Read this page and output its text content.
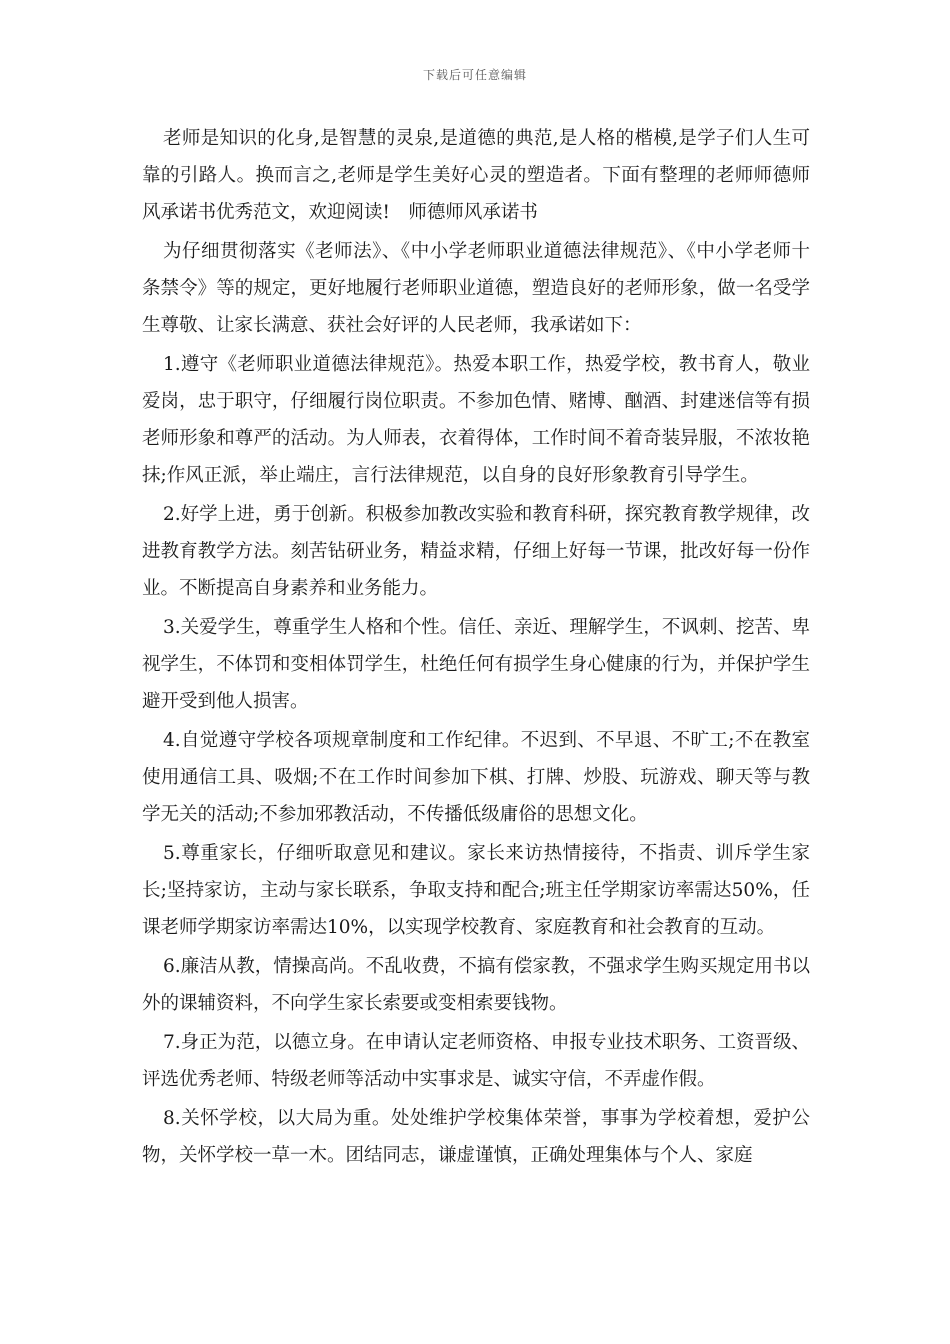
下载后可任意编辑

老师是知识的化身,是智慧的灵泉,是道德的典范,是人格的楷模,是学子们人生可靠的引路人。换而言之,老师是学生美好心灵的塑造者。下面有整理的老师师德师风承诺书优秀范文，欢迎阅读!　师德师风承诺书

为仔细贯彻落实《老师法》、《中小学老师职业道德法律规范》、《中小学老师十条禁令》等的规定，更好地履行老师职业道德，塑造良好的老师形象，做一名受学生尊敬、让家长满意、获社会好评的人民老师，我承诺如下：

1.遵守《老师职业道德法律规范》。热爱本职工作，热爱学校，教书育人，敬业爱岗，忠于职守，仔细履行岗位职责。不参加色情、赌博、酗酒、封建迷信等有损老师形象和尊严的活动。为人师表，衣着得体，工作时间不着奇装异服，不浓妆艳抹;作风正派，举止端庄，言行法律规范，以自身的良好形象教育引导学生。

2.好学上进，勇于创新。积极参加教改实验和教育科研，探究教育教学规律，改进教育教学方法。刻苦钻研业务，精益求精，仔细上好每一节课，批改好每一份作业。不断提高自身素养和业务能力。

3.关爱学生，尊重学生人格和个性。信任、亲近、理解学生，不讽刺、挖苦、卑视学生，不体罚和变相体罚学生，杜绝任何有损学生身心健康的行为，并保护学生避开受到他人损害。

4.自觉遵守学校各项规章制度和工作纪律。不迟到、不早退、不旷工;不在教室使用通信工具、吸烟;不在工作时间参加下棋、打牌、炒股、玩游戏、聊天等与教学无关的活动;不参加邪教活动，不传播低级庸俗的思想文化。

5.尊重家长，仔细听取意见和建议。家长来访热情接待，不指责、训斥学生家长;坚持家访，主动与家长联系，争取支持和配合;班主任学期家访率需达50%，任课老师学期家访率需达10%，以实现学校教育、家庭教育和社会教育的互动。

6.廉洁从教，情操高尚。不乱收费，不搞有偿家教，不强求学生购买规定用书以外的课辅资料，不向学生家长索要或变相索要钱物。

7.身正为范，以德立身。在申请认定老师资格、申报专业技术职务、工资晋级、评选优秀老师、特级老师等活动中实事求是、诚实守信，不弄虚作假。

8.关怀学校，以大局为重。处处维护学校集体荣誉，事事为学校着想，爱护公物，关怀学校一草一木。团结同志，谦虚谨慎，正确处理集体与个人、家庭
